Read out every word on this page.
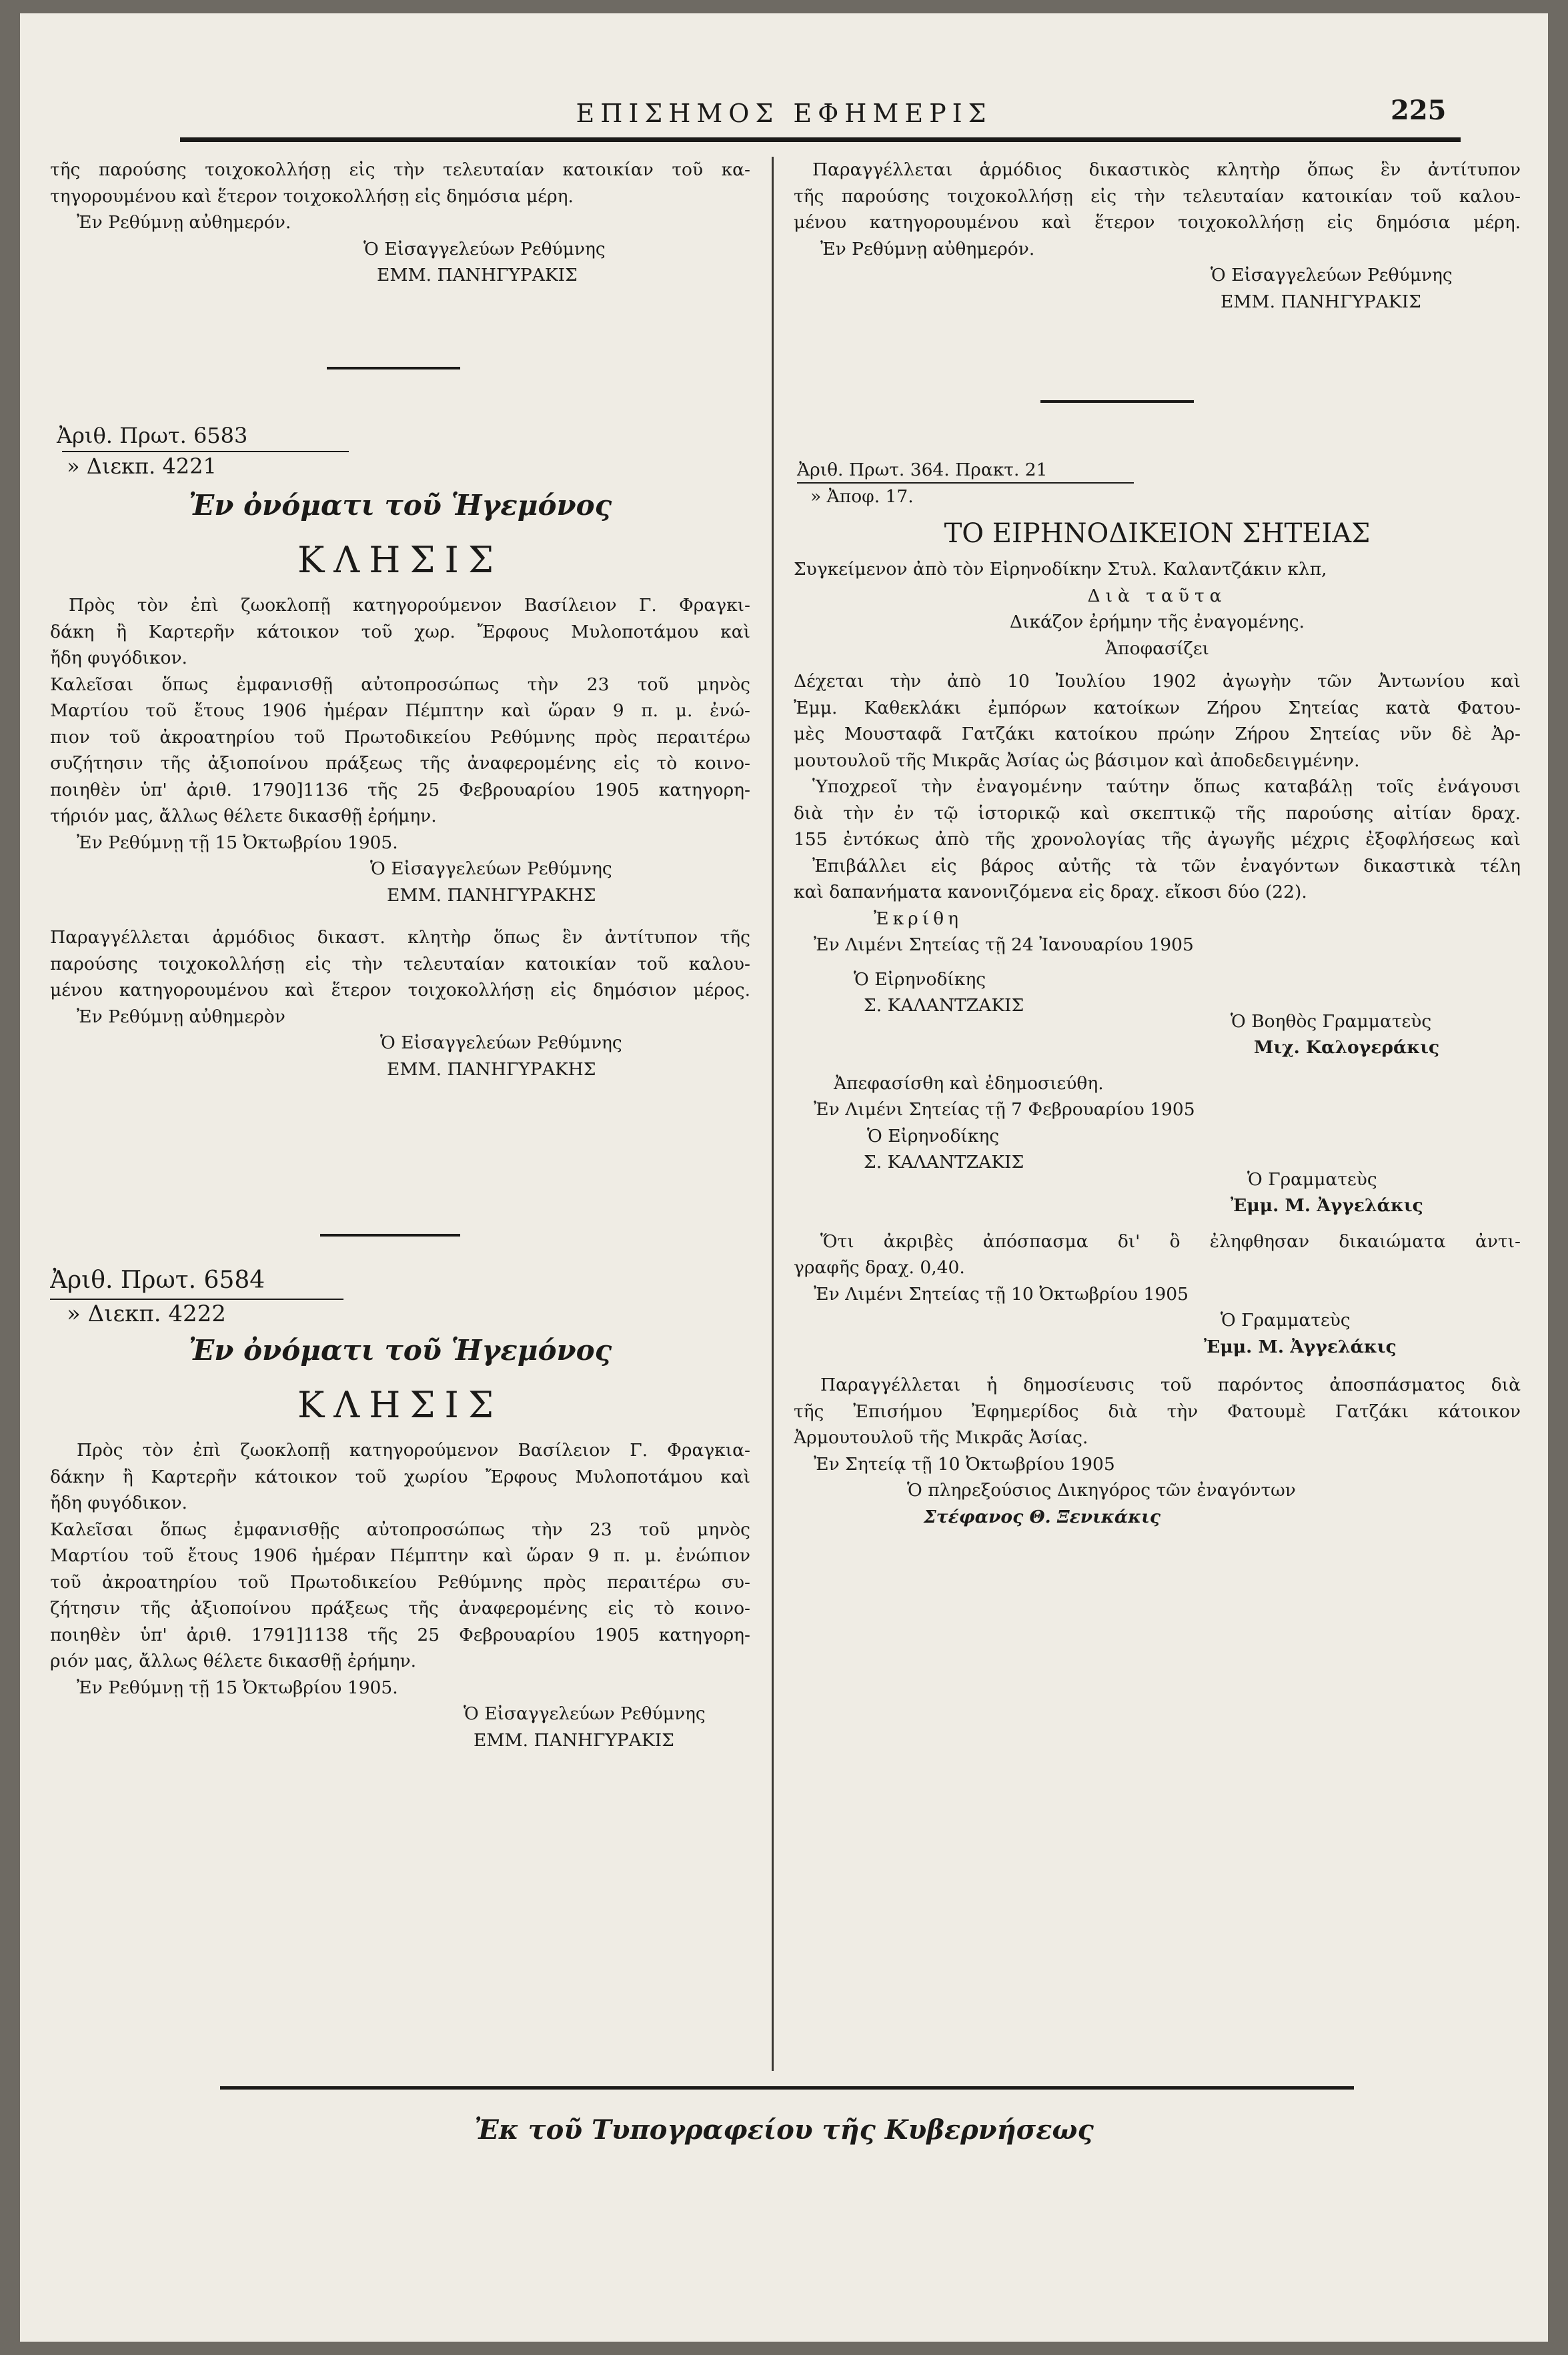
ΕΠΙΣΗΜΟΣ ΕΦΗΜΕΡΙΣ	225
τῆς παρούσης τοιχοκολλήσῃ εἰς τὴν τελευταίαν κατοικίαν τοῦ κα-
τηγορουμένου καὶ ἕτερον τοιχοκολλήσῃ εἰς δημόσια μέρη.
Ἐν Ρεθύμνῃ αὐθημερόν.
Ὁ Εἰσαγγελεύων Ρεθύμνης
ΕΜΜ. ΠΑΝΗΓΥΡΑΚΙΣ
Ἀριθ. Πρωτ. 6583
» Διεκπ. 4221
Ἐν ὀνόματι τοῦ Ἡγεμόνος
ΚΛΗΣΙΣ
Πρὸς τὸν ἐπὶ ζωοκλοπῇ κατηγορούμενον Βασίλειον Γ. Φραγκι-
δάκη ἢ Καρτερῆν κάτοικον τοῦ χωρ. Ἔρφους Μυλοποτάμου καὶ
ἤδη φυγόδικον.
Καλεῖσαι ὅπως ἐμφανισθῇ αὐτοπροσώπως τὴν 23 τοῦ μηνὸς
Μαρτίου τοῦ ἔτους 1906 ἡμέραν Πέμπτην καὶ ὥραν 9 π. μ. ἐνώ-
πιον τοῦ ἀκροατηρίου τοῦ Πρωτοδικείου Ρεθύμνης πρὸς περαιτέρω
συζήτησιν τῆς ἀξιοποίνου πράξεως τῆς ἀναφερομένης εἰς τὸ κοινο-
ποιηθὲν ὑπ' ἀριθ. 1790]1136 τῆς 25 Φεβρουαρίου 1905 κατηγορη-
τήριόν μας, ἄλλως θέλετε δικασθῇ ἐρήμην.
Ἐν Ρεθύμνῃ τῇ 15 Ὀκτωβρίου 1905.
Ὁ Εἰσαγγελεύων Ρεθύμνης
ΕΜΜ. ΠΑΝΗΓΥΡΑΚΗΣ
Παραγγέλλεται ἁρμόδιος δικαστ. κλητὴρ ὅπως ἓν ἀντίτυπον τῆς
παρούσης τοιχοκολλήσῃ εἰς τὴν τελευταίαν κατοικίαν τοῦ καλου-
μένου κατηγορουμένου καὶ ἕτερον τοιχοκολλήσῃ εἰς δημόσιον μέρος.
Ἐν Ρεθύμνῃ αὐθημερὸν
Ὁ Εἰσαγγελεύων Ρεθύμνης
ΕΜΜ. ΠΑΝΗΓΥΡΑΚΗΣ
Ἀριθ. Πρωτ. 6584
» Διεκπ. 4222
Ἐν ὀνόματι τοῦ Ἡγεμόνος
ΚΛΗΣΙΣ
Πρὸς τὸν ἐπὶ ζωοκλοπῇ κατηγορούμενον Βασίλειον Γ. Φραγκια-
δάκην ἢ Καρτερῆν κάτοικον τοῦ χωρίου Ἔρφους Μυλοποτάμου καὶ
ἤδη φυγόδικον.
Καλεῖσαι ὅπως ἐμφανισθῇς αὐτοπροσώπως τὴν 23 τοῦ μηνὸς
Μαρτίου τοῦ ἔτους 1906 ἡμέραν Πέμπτην καὶ ὥραν 9 π. μ. ἐνώπιον
τοῦ ἀκροατηρίου τοῦ Πρωτοδικείου Ρεθύμνης πρὸς περαιτέρω συ-
ζήτησιν τῆς ἀξιοποίνου πράξεως τῆς ἀναφερομένης εἰς τὸ κοινο-
ποιηθὲν ὑπ' ἀριθ. 1791]1138 τῆς 25 Φεβρουαρίου 1905 κατηγορη-
ριόν μας, ἄλλως θέλετε δικασθῇ ἐρήμην.
Ἐν Ρεθύμνῃ τῇ 15 Ὀκτωβρίου 1905.
Ὁ Εἰσαγγελεύων Ρεθύμνης
ΕΜΜ. ΠΑΝΗΓΥΡΑΚΙΣ
Παραγγέλλεται ἁρμόδιος δικαστικὸς κλητὴρ ὅπως ἓν ἀντίτυπον
τῆς παρούσης τοιχοκολλήσῃ εἰς τὴν τελευταίαν κατοικίαν τοῦ καλου-
μένου κατηγορουμένου καὶ ἕτερον τοιχοκολλήσῃ εἰς δημόσια μέρη.
Ἐν Ρεθύμνῃ αὐθημερόν.
Ὁ Εἰσαγγελεύων Ρεθύμνης
ΕΜΜ. ΠΑΝΗΓΥΡΑΚΙΣ
Ἀριθ. Πρωτ. 364. Πρακτ. 21
» Ἀποφ. 17.
ΤΟ ΕΙΡΗΝΟΔΙΚΕΙΟΝ ΣΗΤΕΙΑΣ
Συγκείμενον ἀπὸ τὸν Εἰρηνοδίκην Στυλ. Καλαντζάκιν κλπ,
Διὰ ταῦτα
Δικάζον ἐρήμην τῆς ἐναγομένης.
Ἀποφασίζει
Δέχεται τὴν ἀπὸ 10 Ἰουλίου 1902 ἀγωγὴν τῶν Ἀντωνίου καὶ
Ἐμμ. Καθεκλάκι ἐμπόρων κατοίκων Ζήρου Σητείας κατὰ Φατου-
μὲς Μουσταφᾶ Γατζάκι κατοίκου πρώην Ζήρου Σητείας νῦν δὲ Ἀρ-
μουτουλοῦ τῆς Μικρᾶς Ἀσίας ὡς βάσιμον καὶ ἀποδεδειγμένην.
Ὑποχρεοῖ τὴν ἐναγομένην ταύτην ὅπως καταβάλῃ τοῖς ἐνάγουσι
διὰ τὴν ἐν τῷ ἱστορικῷ καὶ σκεπτικῷ τῆς παρούσης αἰτίαν δραχ.
155 ἐντόκως ἀπὸ τῆς χρονολογίας τῆς ἀγωγῆς μέχρις ἐξοφλήσεως καὶ
Ἐπιβάλλει εἰς βάρος αὐτῆς τὰ τῶν ἐναγόντων δικαστικὰ τέλη
καὶ δαπανήματα κανονιζόμενα εἰς δραχ. εἴκοσι δύο (22).
Ἐκρίθη
Ἐν Λιμένι Σητείας τῇ 24 Ἰανουαρίου 1905
Ὁ Εἰρηνοδίκης
Σ. ΚΑΛΑΝΤΖΑΚΙΣ
Ὁ Βοηθὸς Γραμματεὺς
Μιχ. Καλογεράκις
Ἀπεφασίσθη καὶ ἐδημοσιεύθη.
Ἐν Λιμένι Σητείας τῇ 7 Φεβρουαρίου 1905
Ὁ Εἰρηνοδίκης
Σ. ΚΑΛΑΝΤΖΑΚΙΣ
Ὁ Γραμματεὺς
Ἐμμ. Μ. Ἀγγελάκις
Ὅτι ἀκριβὲς ἀπόσπασμα δι' ὃ ἐληφθησαν δικαιώματα ἀντι-
γραφῆς δραχ. 0,40.
Ἐν Λιμένι Σητείας τῇ 10 Ὀκτωβρίου 1905
Ὁ Γραμματεὺς
Ἐμμ. Μ. Ἀγγελάκις
Παραγγέλλεται ἡ δημοσίευσις τοῦ παρόντος ἀποσπάσματος διὰ
τῆς Ἐπισήμου Ἐφημερίδος διὰ τὴν Φατουμὲ Γατζάκι κάτοικον
Ἀρμουτουλοῦ τῆς Μικρᾶς Ἀσίας.
Ἐν Σητείᾳ τῇ 10 Ὀκτωβρίου 1905
Ὁ πληρεξούσιος Δικηγόρος τῶν ἐναγόντων
Στέφανος Θ. Ξενικάκις
Ἐκ τοῦ Τυπογραφείου τῆς Κυβερνήσεως
